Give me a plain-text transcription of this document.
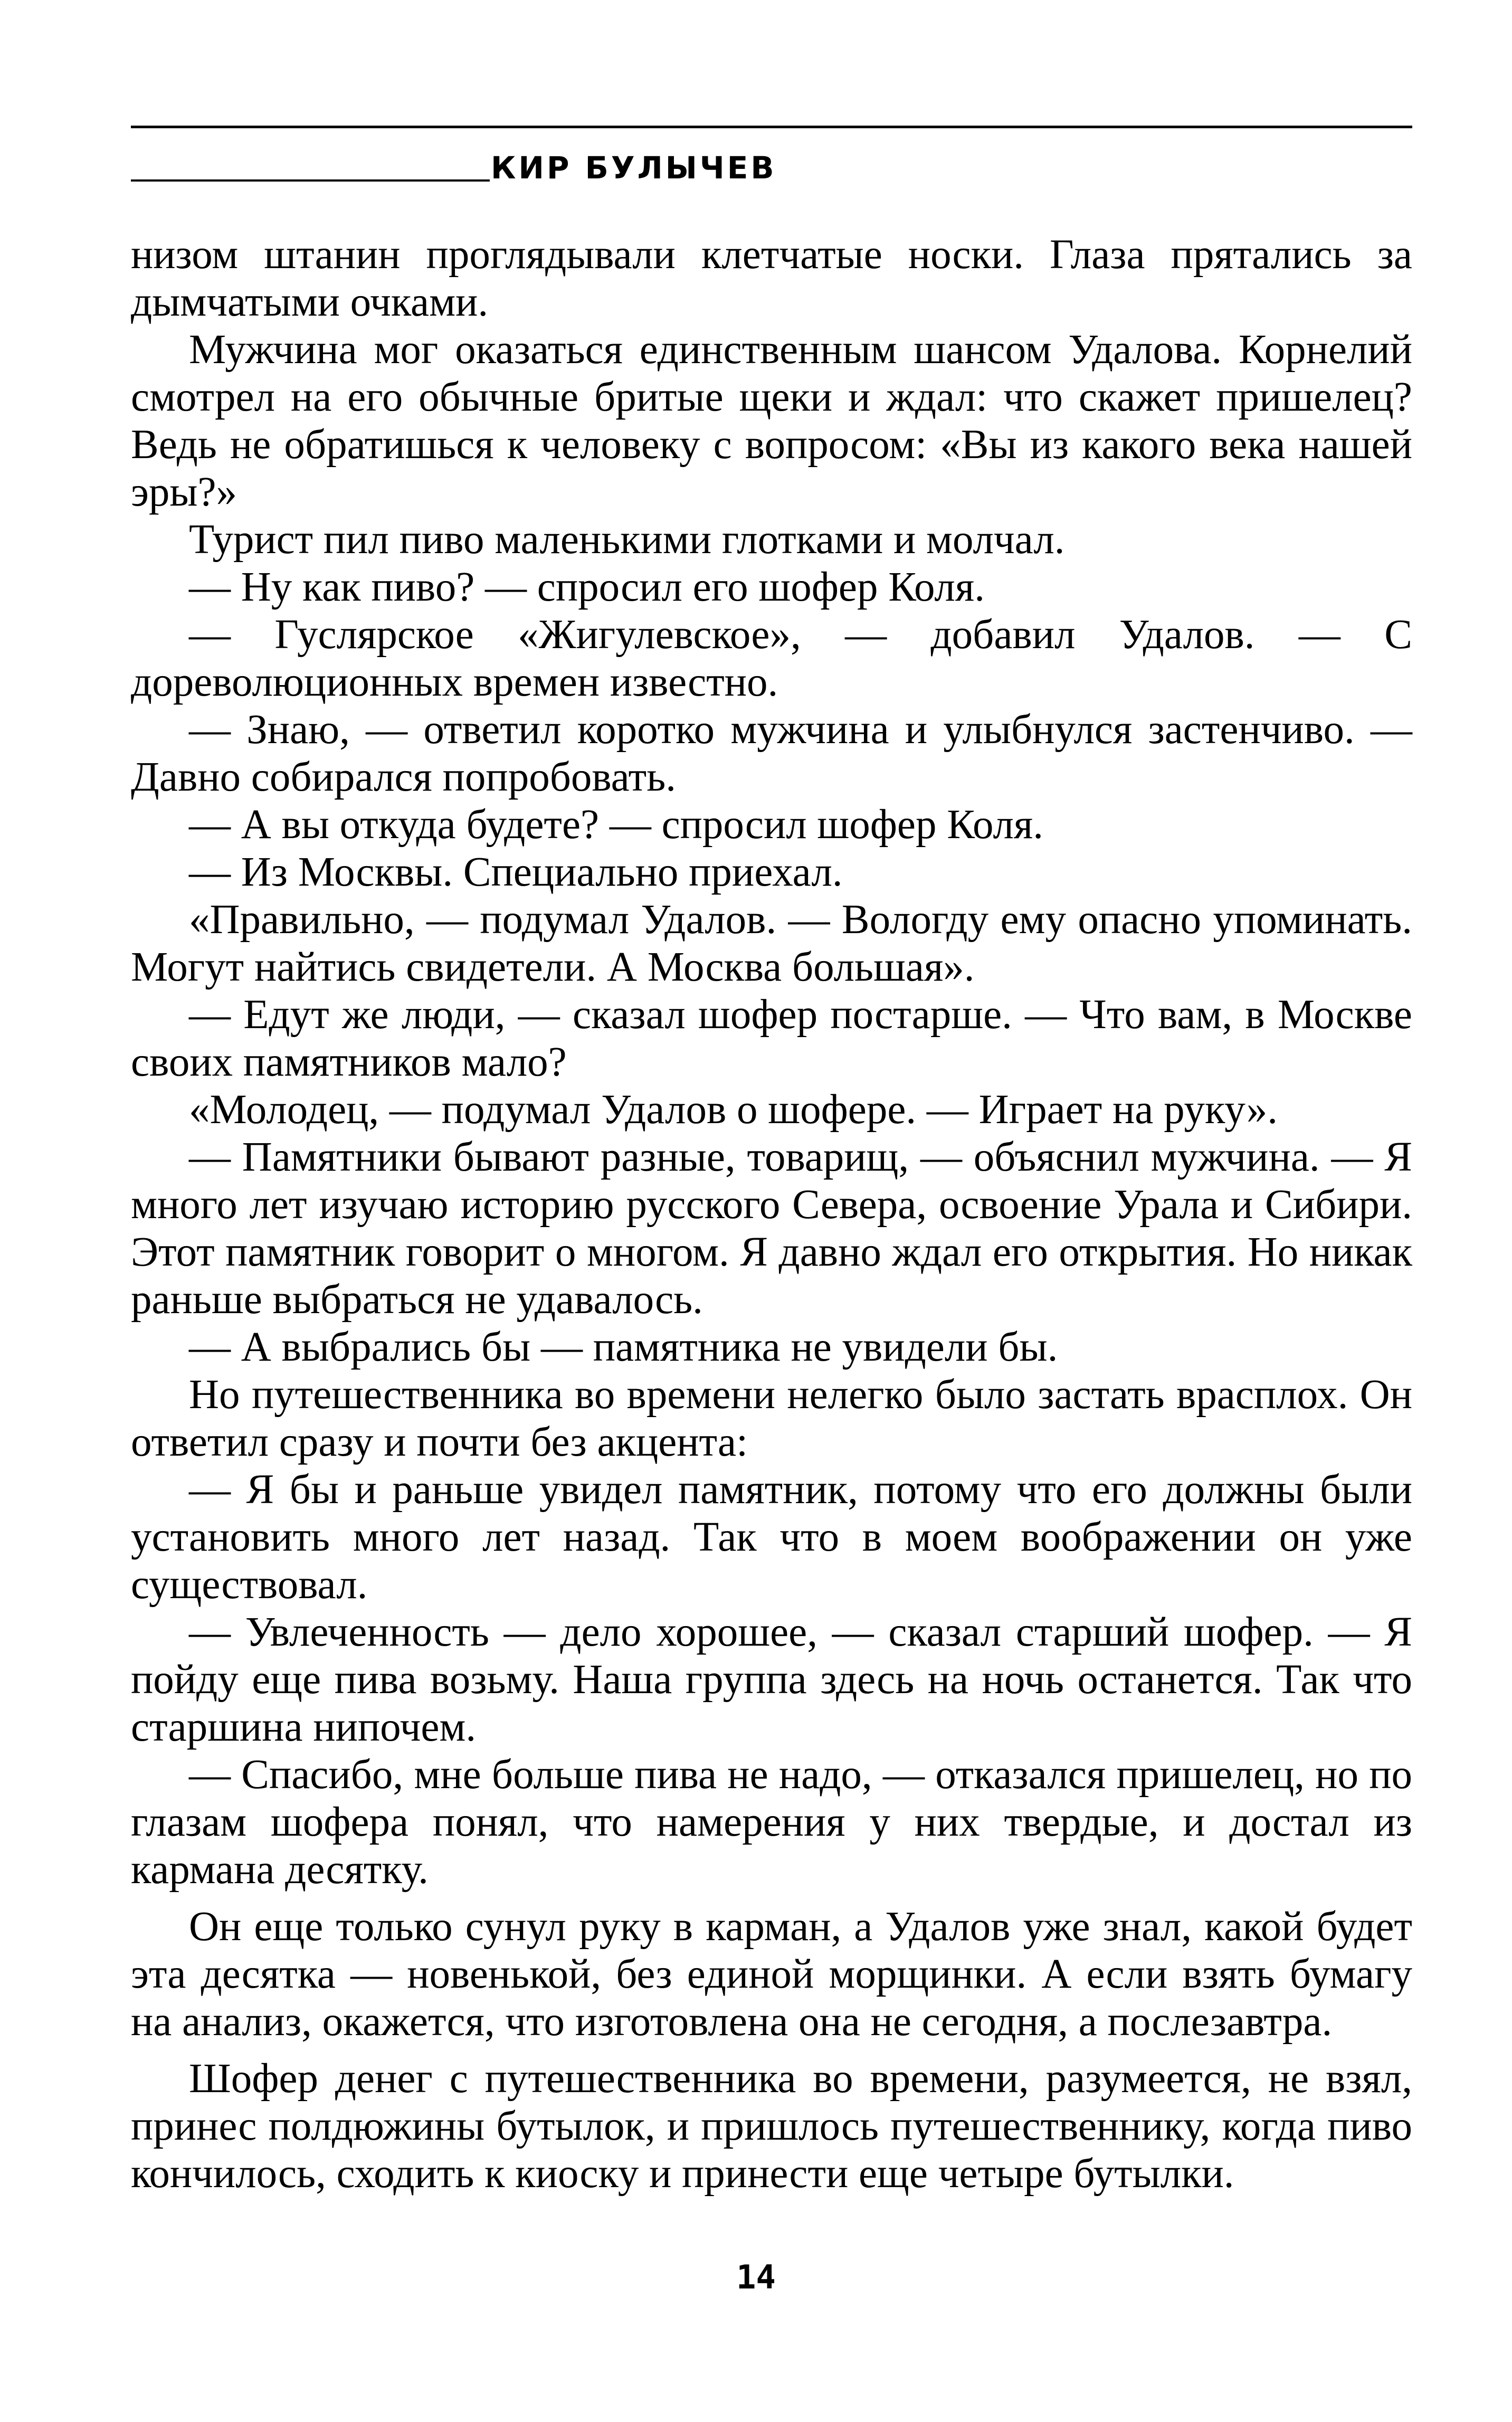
КИР БУЛЫЧЕВ

низом штанин проглядывали клетчатые носки. Глаза прятались за дымчатыми очками.

Мужчина мог оказаться единственным шансом Удалова. Корнелий смотрел на его обычные бритые щеки и ждал: что скажет пришелец? Ведь не обратишься к человеку с вопросом: «Вы из какого века нашей эры?»

Турист пил пиво маленькими глотками и молчал.

— Ну как пиво? — спросил его шофер Коля.

— Гуслярское «Жигулевское», — добавил Удалов. — С дореволюционных времен известно.

— Знаю, — ответил коротко мужчина и улыбнулся застенчиво. — Давно собирался попробовать.

— А вы откуда будете? — спросил шофер Коля.

— Из Москвы. Специально приехал.

«Правильно, — подумал Удалов. — Вологду ему опасно упоминать. Могут найтись свидетели. А Москва большая».

— Едут же люди, — сказал шофер постарше. — Что вам, в Москве своих памятников мало?

«Молодец, — подумал Удалов о шофере. — Играет на руку».

— Памятники бывают разные, товарищ, — объяснил мужчина. — Я много лет изучаю историю русского Севера, освоение Урала и Сибири. Этот памятник говорит о многом. Я давно ждал его открытия. Но никак раньше выбраться не удавалось.

— А выбрались бы — памятника не увидели бы.

Но путешественника во времени нелегко было застать врасплох. Он ответил сразу и почти без акцента:

— Я бы и раньше увидел памятник, потому что его должны были установить много лет назад. Так что в моем воображении он уже существовал.

— Увлеченность — дело хорошее, — сказал старший шофер. — Я пойду еще пива возьму. Наша группа здесь на ночь останется. Так что старшина нипочем.

— Спасибо, мне больше пива не надо, — отказался пришелец, но по глазам шофера понял, что намерения у них твердые, и достал из кармана десятку.

Он еще только сунул руку в карман, а Удалов уже знал, какой будет эта десятка — новенькой, без единой морщинки. А если взять бумагу на анализ, окажется, что изготовлена она не сегодня, а послезавтра.

Шофер денег с путешественника во времени, разумеется, не взял, принес полдюжины бутылок, и пришлось путешественнику, когда пиво кончилось, сходить к киоску и принести еще четыре бутылки.

14
